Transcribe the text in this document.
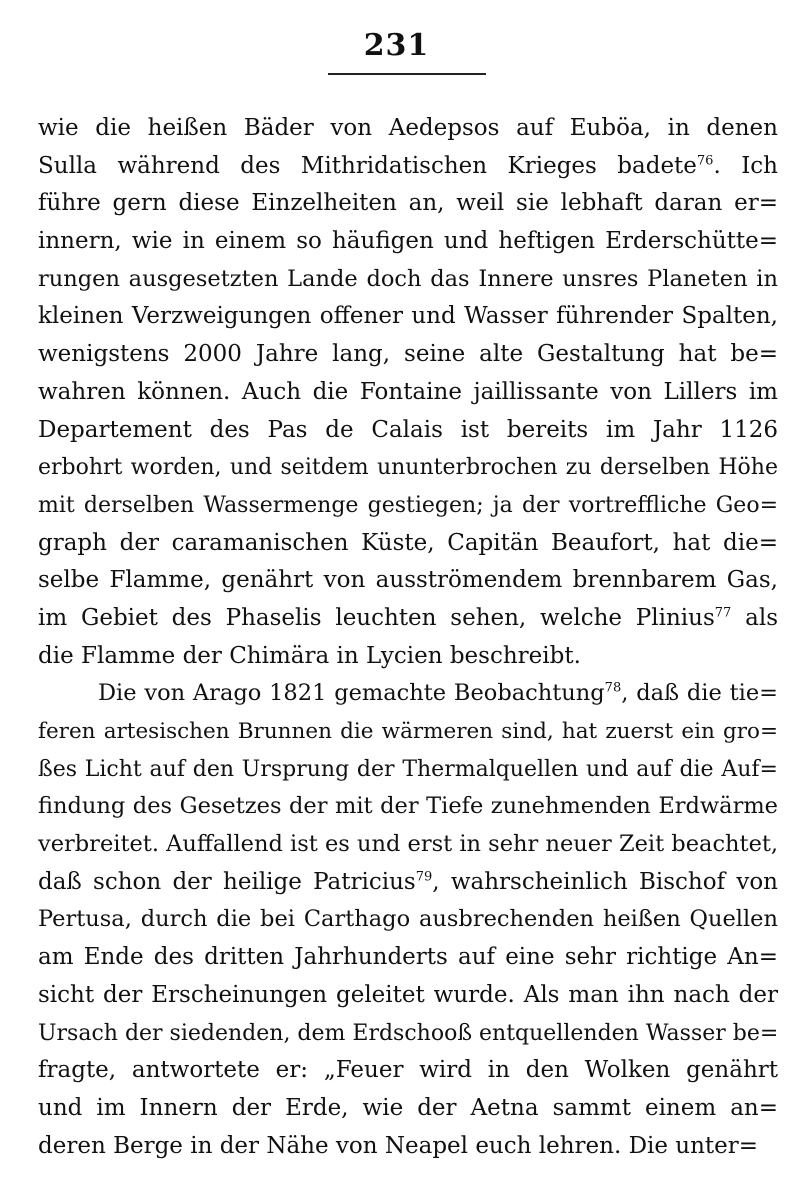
231
wie die heißen Bäder von Aedepsos auf Euböa, in denen
Sulla während des Mithridatischen Krieges badete$^{76}$. Ich
führe gern diese Einzelheiten an, weil sie lebhaft daran er=
innern, wie in einem so häufigen und heftigen Erderschütte=
rungen ausgesetzten Lande doch das Innere unsres Planeten in
kleinen Verzweigungen offener und Wasser führender Spalten,
wenigstens 2000 Jahre lang, seine alte Gestaltung hat be=
wahren können. Auch die Fontaine jaillissante von Lillers im
Departement des Pas de Calais ist bereits im Jahr 1126
erbohrt worden, und seitdem ununterbrochen zu derselben Höhe
mit derselben Wassermenge gestiegen; ja der vortreffliche Geo=
graph der caramanischen Küste, Capitän Beaufort, hat die=
selbe Flamme, genährt von ausströmendem brennbarem Gas,
im Gebiet des Phaselis leuchten sehen, welche Plinius$^{77}$ als
die Flamme der Chimära in Lycien beschreibt.
Die von Arago 1821 gemachte Beobachtung$^{78}$, daß die tie=
feren artesischen Brunnen die wärmeren sind, hat zuerst ein gro=
ßes Licht auf den Ursprung der Thermalquellen und auf die Auf=
findung des Gesetzes der mit der Tiefe zunehmenden Erdwärme
verbreitet. Auffallend ist es und erst in sehr neuer Zeit beachtet,
daß schon der heilige Patricius$^{79}$, wahrscheinlich Bischof von
Pertusa, durch die bei Carthago ausbrechenden heißen Quellen
am Ende des dritten Jahrhunderts auf eine sehr richtige An=
sicht der Erscheinungen geleitet wurde. Als man ihn nach der
Ursach der siedenden, dem Erdschooß entquellenden Wasser be=
fragte, antwortete er: „Feuer wird in den Wolken genährt
und im Innern der Erde, wie der Aetna sammt einem an=
deren Berge in der Nähe von Neapel euch lehren. Die unter=
